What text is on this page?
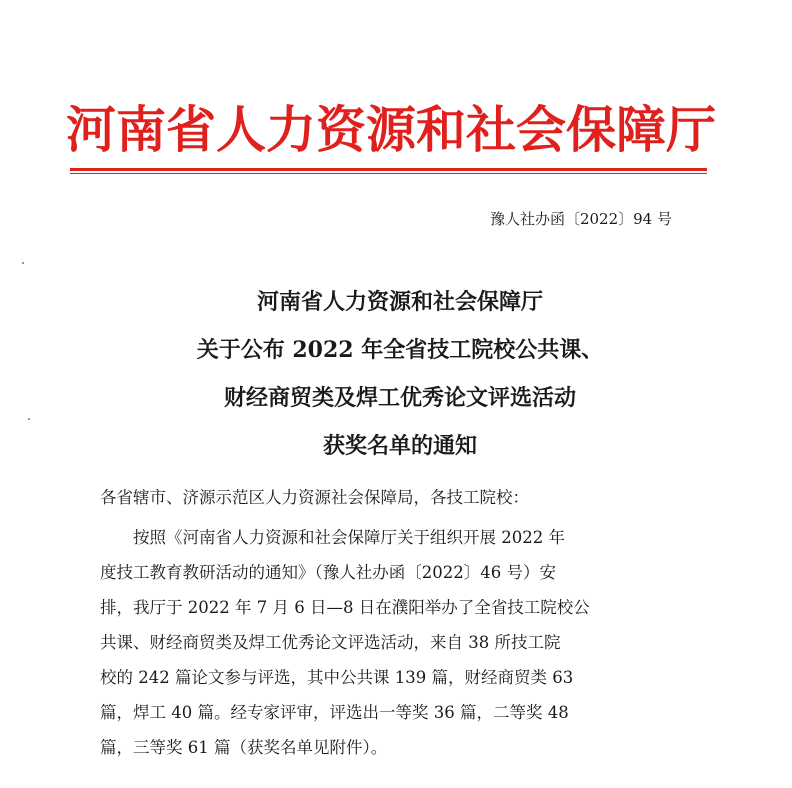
河南省人力资源和社会保障厅
豫人社办函〔2022〕94 号
河南省人力资源和社会保障厅
关于公布 2022 年全省技工院校公共课、
财经商贸类及焊工优秀论文评选活动
获奖名单的通知
各省辖市、济源示范区人力资源社会保障局，各技工院校：
　　按照《河南省人力资源和社会保障厅关于组织开展 2022 年
度技工教育教研活动的通知》（豫人社办函〔2022〕46 号）安
排，我厅于 2022 年 7 月 6 日—8 日在濮阳举办了全省技工院校公
共课、财经商贸类及焊工优秀论文评选活动，来自 38 所技工院
校的 242 篇论文参与评选，其中公共课 139 篇，财经商贸类 63
篇，焊工 40 篇。经专家评审，评选出一等奖 36 篇，二等奖 48
篇，三等奖 61 篇（获奖名单见附件）。
